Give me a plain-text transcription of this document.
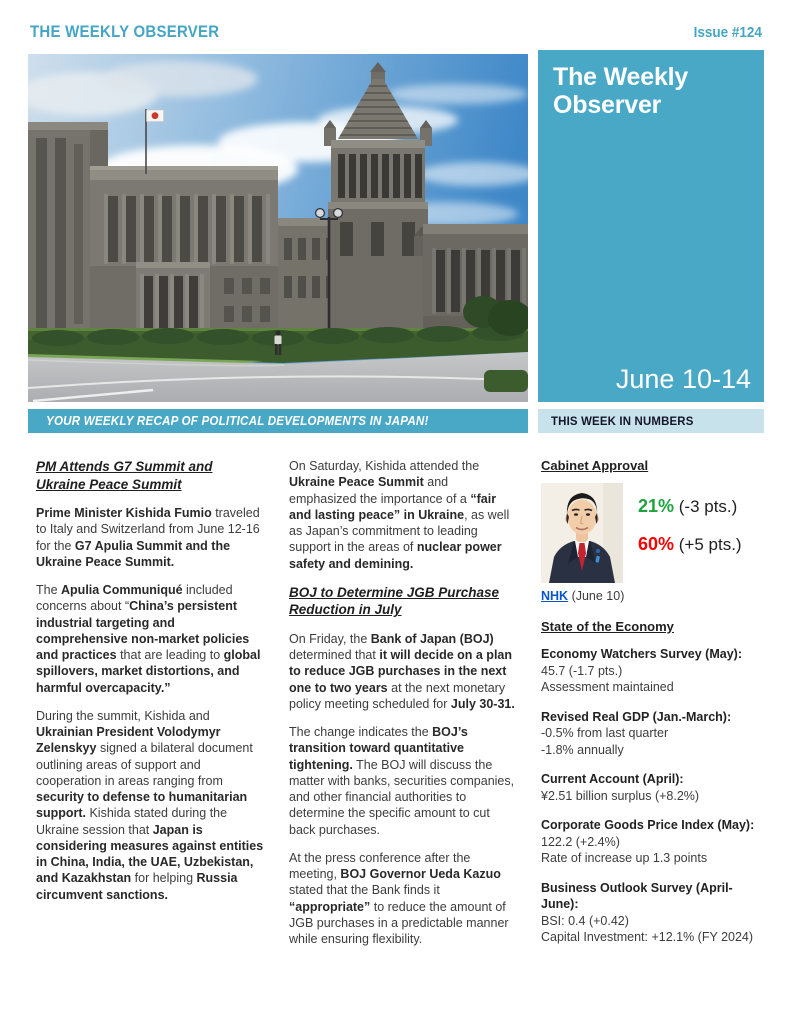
THE WEEKLY OBSERVER	Issue #124
The Weekly
Observer
June 10-14
YOUR WEEKLY RECAP OF POLITICAL DEVELOPMENTS IN JAPAN!	THIS WEEK IN NUMBERS
PM Attends G7 Summit and Ukraine Peace Summit

Prime Minister Kishida Fumio traveled to Italy and Switzerland from June 12-16 for the G7 Apulia Summit and the Ukraine Peace Summit.

The Apulia Communiqué included concerns about “China’s persistent industrial targeting and comprehensive non-market policies and practices that are leading to global spillovers, market distortions, and harmful overcapacity.”

During the summit, Kishida and Ukrainian President Volodymyr Zelenskyy signed a bilateral document outlining areas of support and cooperation in areas ranging from security to defense to humanitarian support. Kishida stated during the Ukraine session that Japan is considering measures against entities in China, India, the UAE, Uzbekistan, and Kazakhstan for helping Russia circumvent sanctions.

On Saturday, Kishida attended the Ukraine Peace Summit and emphasized the importance of a “fair and lasting peace” in Ukraine, as well as Japan’s commitment to leading support in the areas of nuclear power safety and demining.

BOJ to Determine JGB Purchase Reduction in July

On Friday, the Bank of Japan (BOJ) determined that it will decide on a plan to reduce JGB purchases in the next one to two years at the next monetary policy meeting scheduled for July 30-31.

The change indicates the BOJ’s transition toward quantitative tightening. The BOJ will discuss the matter with banks, securities companies, and other financial authorities to determine the specific amount to cut back purchases.

At the press conference after the meeting, BOJ Governor Ueda Kazuo stated that the Bank finds it “appropriate” to reduce the amount of JGB purchases in a predictable manner while ensuring flexibility.

Cabinet Approval
21% (-3 pts.)
60% (+5 pts.)
NHK (June 10)
State of the Economy
Economy Watchers Survey (May):
45.7 (-1.7 pts.)
Assessment maintained
Revised Real GDP (Jan.-March):
-0.5% from last quarter
-1.8% annually
Current Account (April):
¥2.51 billion surplus (+8.2%)
Corporate Goods Price Index (May):
122.2 (+2.4%)
Rate of increase up 1.3 points
Business Outlook Survey (April-June):
BSI: 0.4 (+0.42)
Capital Investment: +12.1% (FY 2024)
